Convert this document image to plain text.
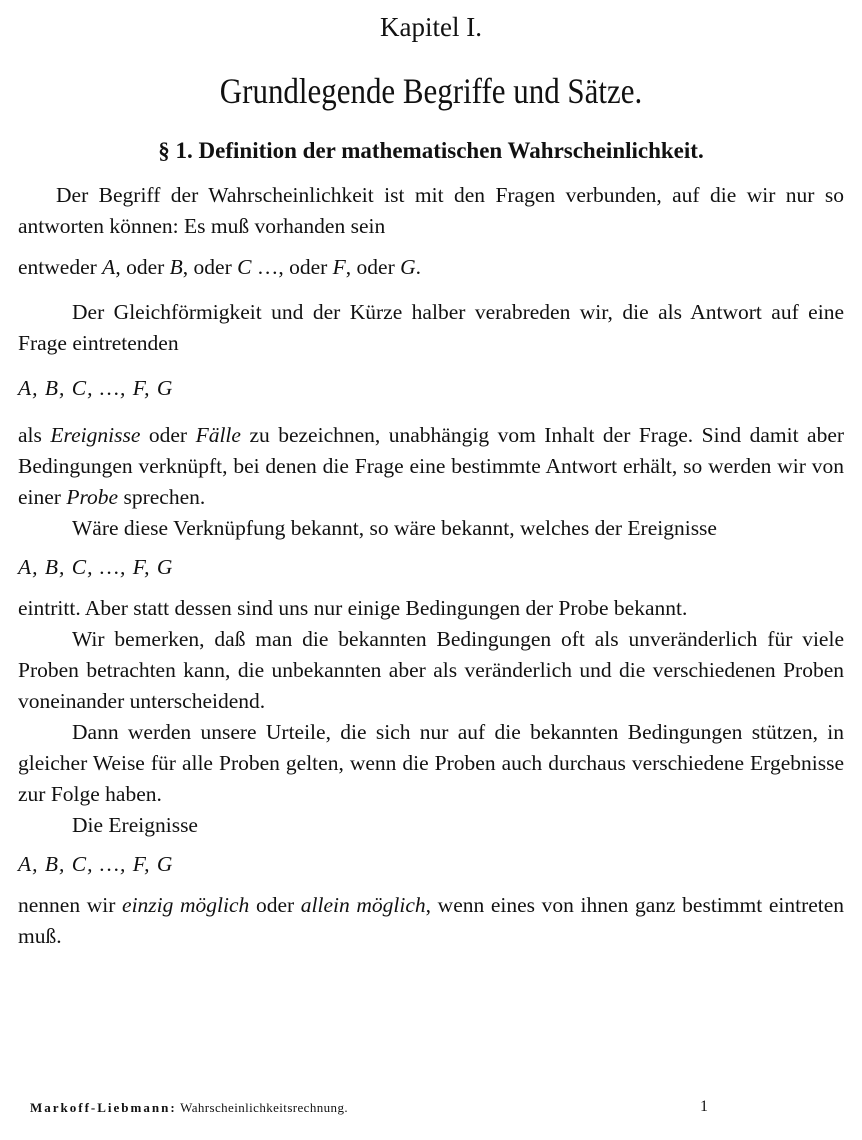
Kapitel I.
Grundlegende Begriffe und Sätze.
§ 1. Definition der mathematischen Wahrscheinlichkeit.

Der Begriff der Wahrscheinlichkeit ist mit den Fragen verbunden, auf die wir nur so antworten können: Es muß vorhanden sein

entweder A, oder B, oder C …, oder F, oder G.

Der Gleichförmigkeit und der Kürze halber verabreden wir, die als Antwort auf eine Frage eintretenden

A, B, C, …, F, G

als Ereignisse oder Fälle zu bezeichnen, unabhängig vom Inhalt der Frage. Sind damit aber Bedingungen verknüpft, bei denen die Frage eine bestimmte Antwort erhält, so werden wir von einer Probe sprechen.

Wäre diese Verknüpfung bekannt, so wäre bekannt, welches der Ereignisse

A, B, C, …, F, G

eintritt. Aber statt dessen sind uns nur einige Bedingungen der Probe bekannt.

Wir bemerken, daß man die bekannten Bedingungen oft als unveränderlich für viele Proben betrachten kann, die unbekannten aber als veränderlich und die verschiedenen Proben voneinander unterscheidend.

Dann werden unsere Urteile, die sich nur auf die bekannten Bedingungen stützen, in gleicher Weise für alle Proben gelten, wenn die Proben auch durchaus verschiedene Ergebnisse zur Folge haben.

Die Ereignisse

A, B, C, …, F, G

nennen wir einzig möglich oder allein möglich, wenn eines von ihnen ganz bestimmt eintreten muß.

Markoff-Liebmann: Wahrscheinlichkeitsrechnung.	1
